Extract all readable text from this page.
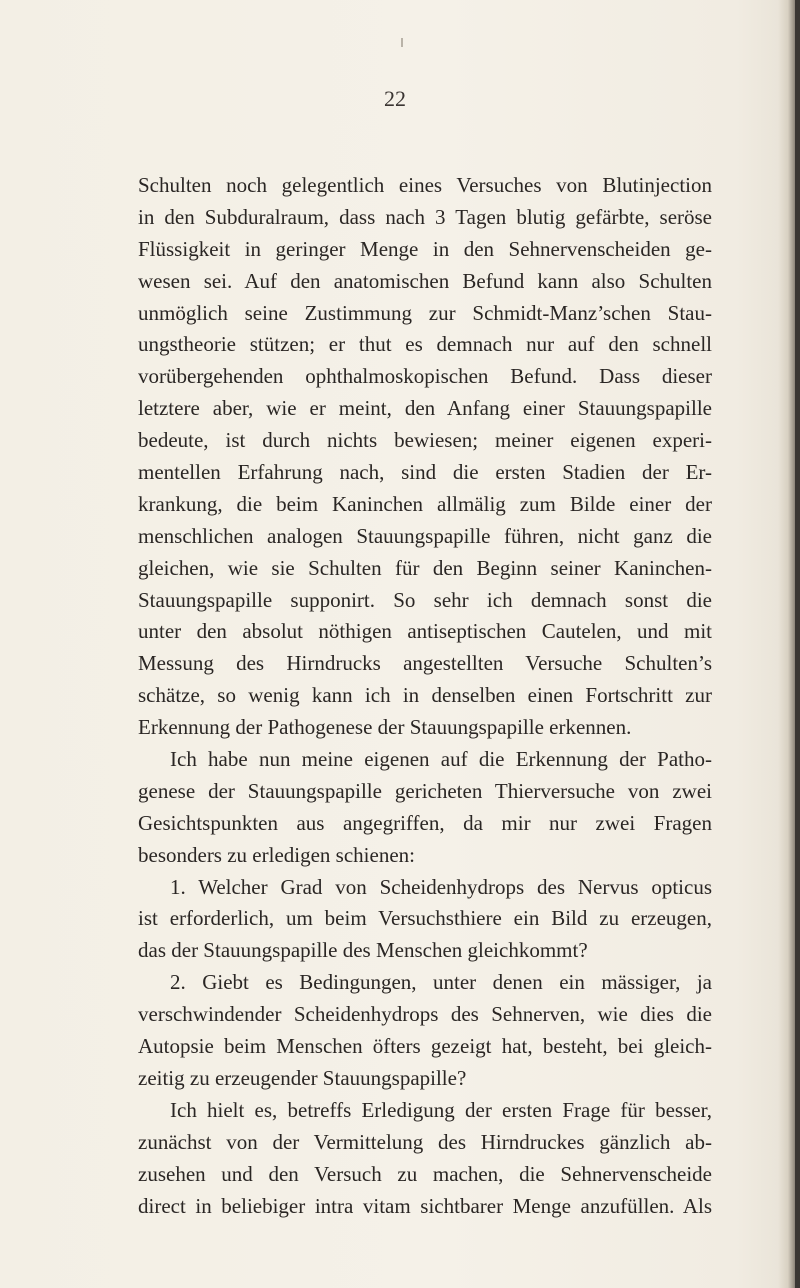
22
Schulten noch gelegentlich eines Versuches von Blutinjection
in den Subduralraum, dass nach 3 Tagen blutig gefärbte, seröse
Flüssigkeit in geringer Menge in den Sehnervenscheiden ge-
wesen sei. Auf den anatomischen Befund kann also Schulten
unmöglich seine Zustimmung zur Schmidt-Manz’schen Stau-
ungstheorie stützen; er thut es demnach nur auf den schnell
vorübergehenden ophthalmoskopischen Befund. Dass dieser
letztere aber, wie er meint, den Anfang einer Stauungspapille
bedeute, ist durch nichts bewiesen; meiner eigenen experi-
mentellen Erfahrung nach, sind die ersten Stadien der Er-
krankung, die beim Kaninchen allmälig zum Bilde einer der
menschlichen analogen Stauungspapille führen, nicht ganz die
gleichen, wie sie Schulten für den Beginn seiner Kaninchen-
Stauungspapille supponirt. So sehr ich demnach sonst die
unter den absolut nöthigen antiseptischen Cautelen, und mit
Messung des Hirndrucks angestellten Versuche Schulten’s
schätze, so wenig kann ich in denselben einen Fortschritt zur
Erkennung der Pathogenese der Stauungspapille erkennen.
Ich habe nun meine eigenen auf die Erkennung der Patho-
genese der Stauungspapille gericheten Thierversuche von zwei
Gesichtspunkten aus angegriffen, da mir nur zwei Fragen
besonders zu erledigen schienen:
1. Welcher Grad von Scheidenhydrops des Nervus opticus
ist erforderlich, um beim Versuchsthiere ein Bild zu erzeugen,
das der Stauungspapille des Menschen gleichkommt?
2. Giebt es Bedingungen, unter denen ein mässiger, ja
verschwindender Scheidenhydrops des Sehnerven, wie dies die
Autopsie beim Menschen öfters gezeigt hat, besteht, bei gleich-
zeitig zu erzeugender Stauungspapille?
Ich hielt es, betreffs Erledigung der ersten Frage für besser,
zunächst von der Vermittelung des Hirndruckes gänzlich ab-
zusehen und den Versuch zu machen, die Sehnervenscheide
direct in beliebiger intra vitam sichtbarer Menge anzufüllen. Als
